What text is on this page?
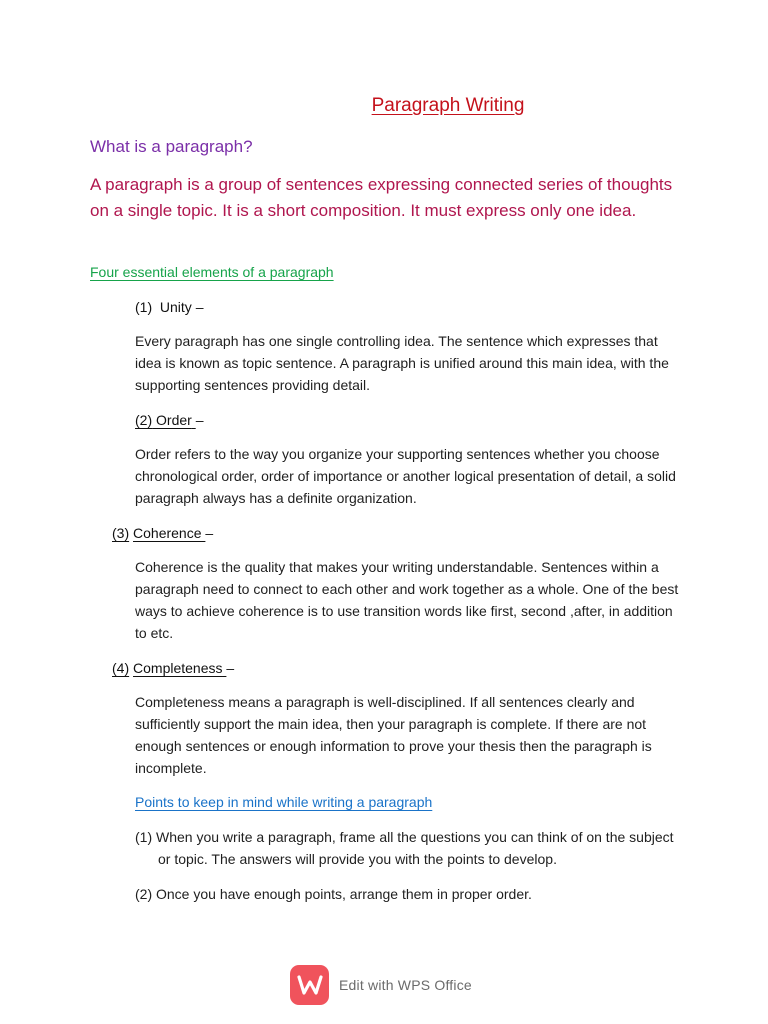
Paragraph Writing

What is a paragraph?

A paragraph is a group of sentences expressing connected series of thoughts on a single topic. It is a short composition. It must express only one idea.

Four essential elements of a paragraph

(1) Unity –

Every paragraph has one single controlling idea. The sentence which expresses that idea is known as topic sentence. A paragraph is unified around this main idea, with the supporting sentences providing detail.

(2) Order –

Order refers to the way you organize your supporting sentences whether you choose chronological order, order of importance or another logical presentation of detail, a solid paragraph always has a definite organization.

(3) Coherence –

Coherence is the quality that makes your writing understandable. Sentences within a paragraph need to connect to each other and work together as a whole. One of the best ways to achieve coherence is to use transition words like first, second ,after, in addition to etc.

(4) Completeness –

Completeness means a paragraph is well-disciplined. If all sentences clearly and sufficiently support the main idea, then your paragraph is complete. If there are not enough sentences or enough information to prove your thesis then the paragraph is incomplete.

Points to keep in mind while writing a paragraph

(1) When you write a paragraph, frame all the questions you can think of on the subject or topic. The answers will provide you with the points to develop.

(2) Once you have enough points, arrange them in proper order.

Edit with WPS Office
